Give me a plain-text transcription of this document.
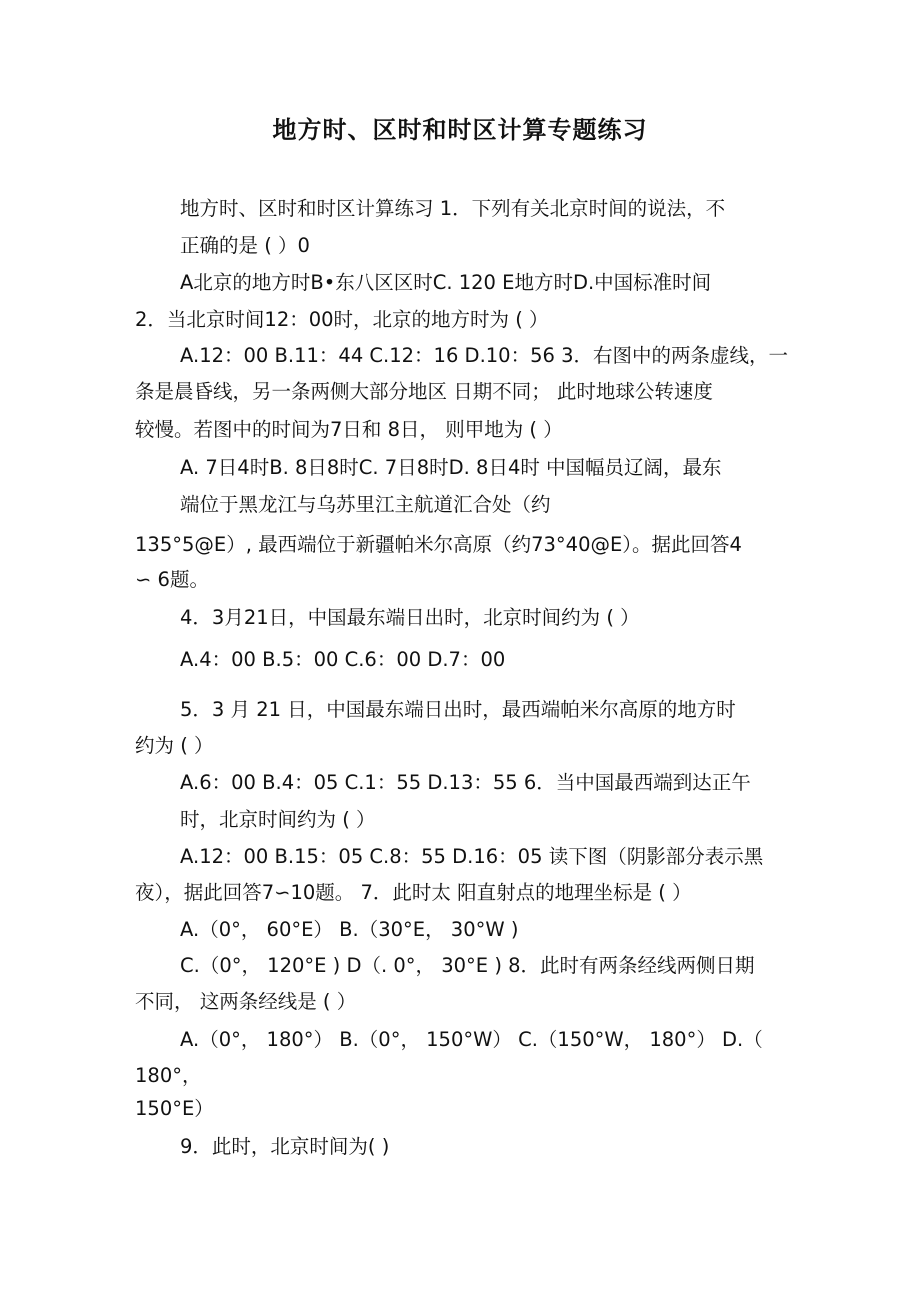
地方时、区时和时区计算专题练习
地方时、区时和时区计算练习 1．下列有关北京时间的说法，不
正确的是 ( ）0
A北京的地方时B•东八区区时C. 120 E地方时D.中国标准时间
2．当北京时间12：00时，北京的地方时为 ( ）
A.12：00 B.11：44 C.12：16 D.10：56 3．右图中的两条虚线，一
条是晨昏线，另一条两侧大部分地区 日期不同； 此时地球公转速度
较慢。若图中的时间为7日和 8日， 则甲地为 ( ）
A. 7日4时B. 8日8时C. 7日8时D. 8日4时 中国幅员辽阔，最东
端位于黑龙江与乌苏里江主航道汇合处（约
135°5@E）, 最西端位于新疆帕米尔高原（约73°40@E）。据此回答4
∽ 6题。
4．3月21日，中国最东端日出时，北京时间约为 ( ）
A.4：00 B.5：00 C.6：00 D.7：00
5．3 月 21 日，中国最东端日出时，最西端帕米尔高原的地方时
约为 ( ）
A.6：00 B.4：05 C.1：55 D.13：55 6．当中国最西端到达正午
时，北京时间约为 ( ）
A.12：00 B.15：05 C.8：55 D.16：05 读下图（阴影部分表示黑
夜），据此回答7∽10题。 7．此时太 阳直射点的地理坐标是 ( ）
A.（0°， 60°E） B.（30°E， 30°W )
C.（0°， 120°E ) D（. 0°， 30°E ) 8．此时有两条经线两侧日期
不同， 这两条经线是 ( ）
A.（0°， 180°） B.（0°， 150°W） C.（150°W， 180°） D.（
180°，
150°E）
9．此时，北京时间为( )
